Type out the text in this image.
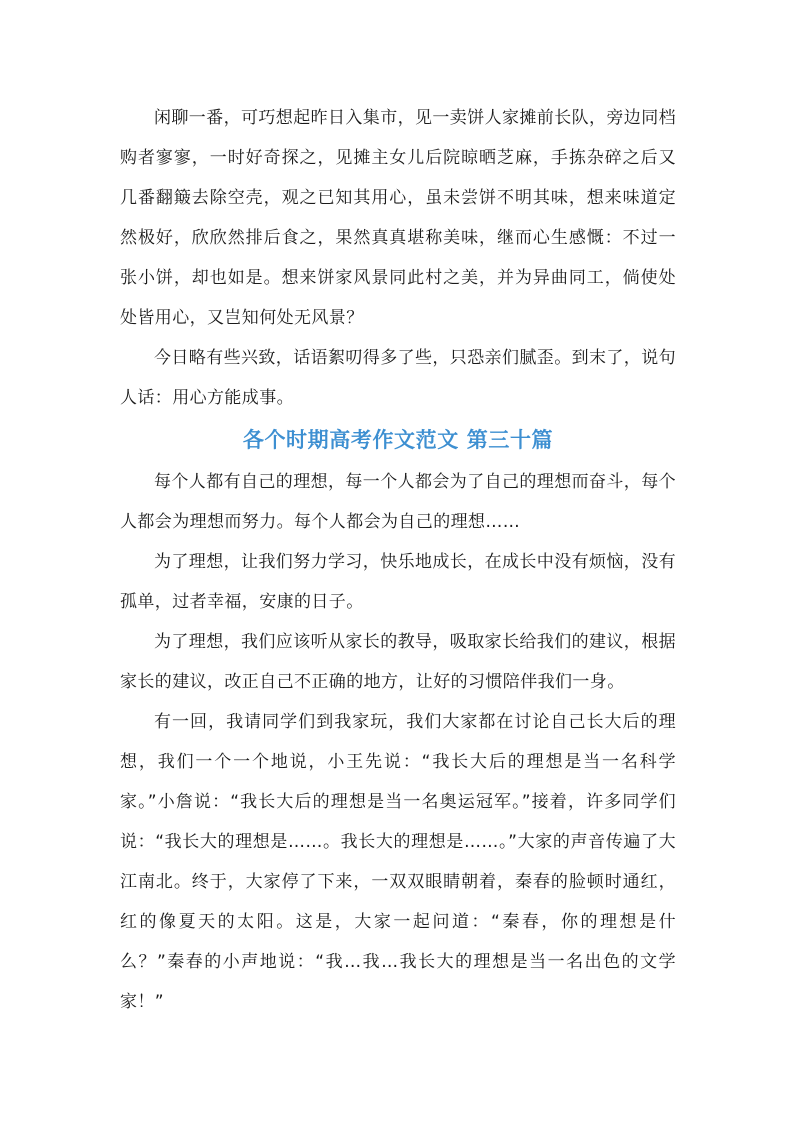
闲聊一番，可巧想起昨日入集市，见一卖饼人家摊前长队，旁边同档购者寥寥，一时好奇探之，见摊主女儿后院晾晒芝麻，手拣杂碎之后又几番翻簸去除空壳，观之已知其用心，虽未尝饼不明其味，想来味道定然极好，欣欣然排后食之，果然真真堪称美味，继而心生感慨：不过一张小饼，却也如是。想来饼家风景同此村之美，并为异曲同工，倘使处处皆用心，又岂知何处无风景？

今日略有些兴致，话语絮叨得多了些，只恐亲们腻歪。到末了，说句人话：用心方能成事。

各个时期高考作文范文 第三十篇

每个人都有自己的理想，每一个人都会为了自己的理想而奋斗，每个人都会为理想而努力。每个人都会为自己的理想……

为了理想，让我们努力学习，快乐地成长，在成长中没有烦恼，没有孤单，过者幸福，安康的日子。

为了理想，我们应该听从家长的教导，吸取家长给我们的建议，根据家长的建议，改正自己不正确的地方，让好的习惯陪伴我们一身。

有一回，我请同学们到我家玩，我们大家都在讨论自己长大后的理想，我们一个一个地说，小王先说：“我长大后的理想是当一名科学家。”小詹说：“我长大后的理想是当一名奥运冠军。”接着，许多同学们说：“我长大的理想是……。我长大的理想是……。”大家的声音传遍了大江南北。终于，大家停了下来，一双双眼睛朝着，秦春的脸顿时通红，红的像夏天的太阳。这是，大家一起问道：“秦春，你的理想是什么？”秦春的小声地说：“我…我…我长大的理想是当一名出色的文学家！”
